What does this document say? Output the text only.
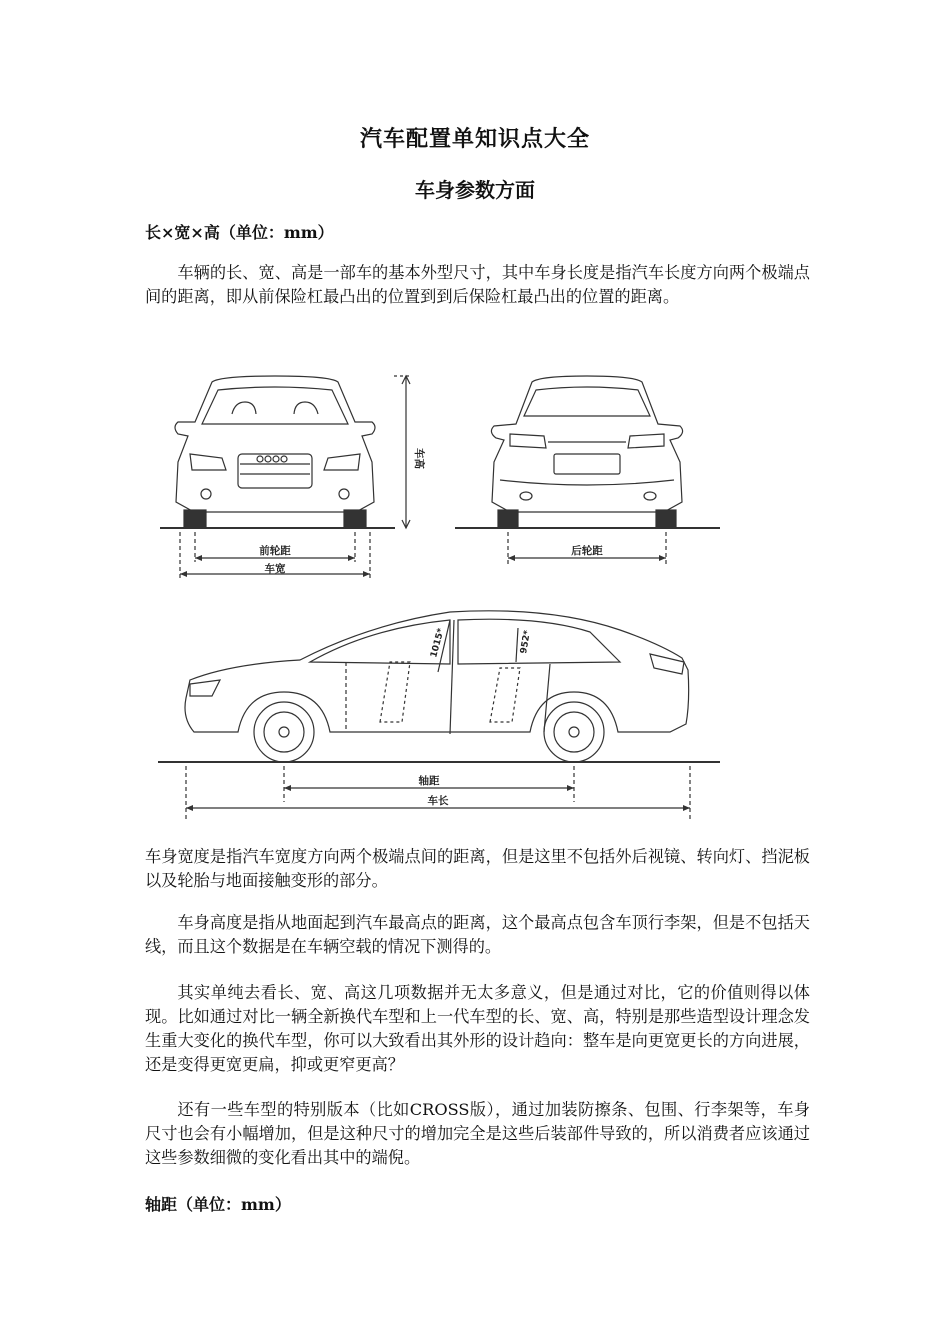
汽车配置单知识点大全
车身参数方面
长×宽×高（单位：mm）
车辆的长、宽、高是一部车的基本外型尺寸，其中车身长度是指汽车长度方向两个极端点间的距离，即从前保险杠最凸出的位置到到后保险杠最凸出的位置的距离。
车高
前轮距
车宽
后轮距
轴距
车长
1015*	952*
车身宽度是指汽车宽度方向两个极端点间的距离，但是这里不包括外后视镜、转向灯、挡泥板以及轮胎与地面接触变形的部分。
车身高度是指从地面起到汽车最高点的距离，这个最高点包含车顶行李架，但是不包括天线，而且这个数据是在车辆空载的情况下测得的。
其实单纯去看长、宽、高这几项数据并无太多意义，但是通过对比，它的价值则得以体现。比如通过对比一辆全新换代车型和上一代车型的长、宽、高，特别是那些造型设计理念发生重大变化的换代车型，你可以大致看出其外形的设计趋向：整车是向更宽更长的方向进展，还是变得更宽更扁，抑或更窄更高？
还有一些车型的特别版本（比如CROSS版），通过加装防擦条、包围、行李架等，车身尺寸也会有小幅增加，但是这种尺寸的增加完全是这些后装部件导致的，所以消费者应该通过这些参数细微的变化看出其中的端倪。
轴距（单位：mm）
